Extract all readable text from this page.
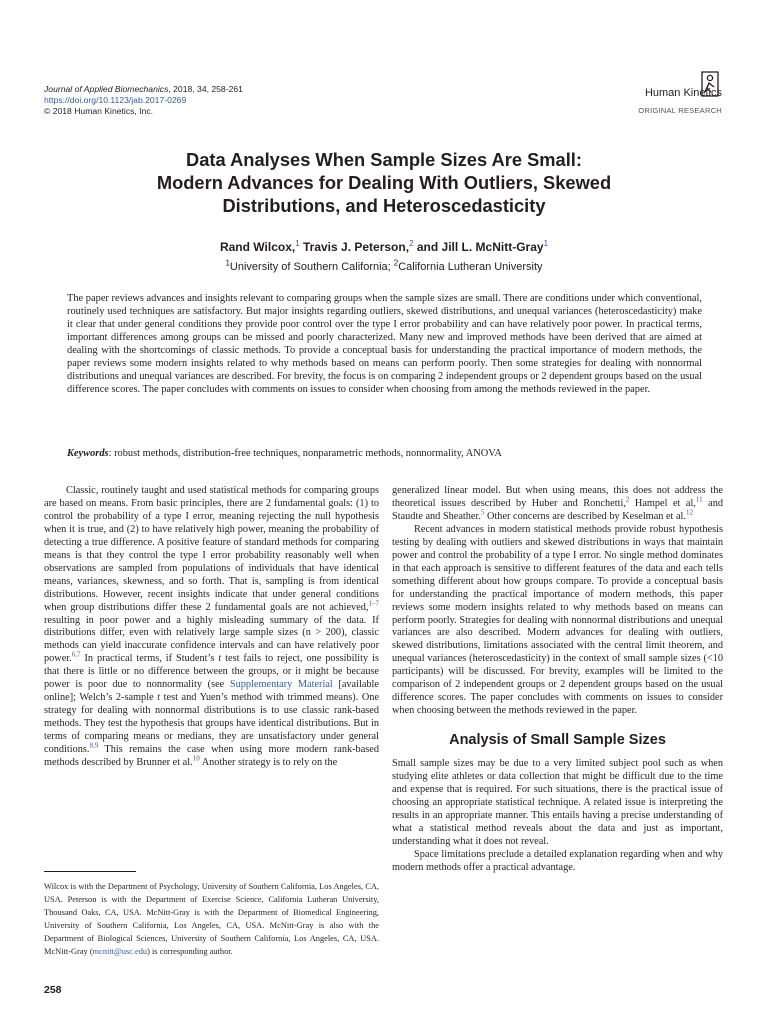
Journal of Applied Biomechanics, 2018, 34, 258-261
https://doi.org/10.1123/jab.2017-0269
© 2018 Human Kinetics, Inc.
Human Kinetics
ORIGINAL RESEARCH
Data Analyses When Sample Sizes Are Small:
Modern Advances for Dealing With Outliers, Skewed
Distributions, and Heteroscedasticity
Rand Wilcox,$^1$ Travis J. Peterson,$^2$ and Jill L. McNitt-Gray$^1$
$^1$University of Southern California; $^2$California Lutheran University
The paper reviews advances and insights relevant to comparing groups when the sample sizes are small. There are conditions under which conventional, routinely used techniques are satisfactory. But major insights regarding outliers, skewed distributions, and unequal variances (heteroscedasticity) make it clear that under general conditions they provide poor control over the type I error probability and can have relatively poor power. In practical terms, important differences among groups can be missed and poorly characterized. Many new and improved methods have been derived that are aimed at dealing with the shortcomings of classic methods. To provide a conceptual basis for understanding the practical importance of modern methods, the paper reviews some modern insights related to why methods based on means can perform poorly. Then some strategies for dealing with nonnormal distributions and unequal variances are described. For brevity, the focus is on comparing 2 independent groups or 2 dependent groups based on the usual difference scores. The paper concludes with comments on issues to consider when choosing from among the methods reviewed in the paper.
Keywords: robust methods, distribution-free techniques, nonparametric methods, nonnormality, ANOVA

Classic, routinely taught and used statistical methods for comparing groups are based on means. From basic principles, there are 2 fundamental goals: (1) to control the probability of a type I error, meaning rejecting the null hypothesis when it is true, and (2) to have relatively high power, meaning the probability of detecting a true difference. A positive feature of standard methods for comparing means is that they control the type I error probability reasonably well when observations are sampled from populations of individuals that have identical means, variances, skewness, and so forth. That is, sampling is from identical distributions. However, recent insights indicate that under general conditions when group distributions differ these 2 fundamental goals are not achieved,$^{1-7}$ resulting in poor power and a highly misleading summary of the data. If distributions differ, even with relatively large sample sizes (n > 200), classic methods can yield inaccurate confidence intervals and can have relatively poor power.$^{6,7}$ In practical terms, if Student’s t test fails to reject, one possibility is that there is little or no difference between the groups, or it might be because power is poor due to nonnormality (see Supplementary Material [available online]; Welch’s 2-sample t test and Yuen’s method with trimmed means). One strategy for dealing with nonnormal distributions is to use classic rank-based methods. They test the hypothesis that groups have identical distributions. But in terms of comparing means or medians, they are unsatisfactory under general conditions.$^{8,9}$ This remains the case when using more modern rank-based methods described by Brunner et al.$^{10}$ Another strategy is to rely on the

generalized linear model. But when using means, this does not address the theoretical issues described by Huber and Ronchetti,$^2$ Hampel et al,$^{11}$ and Staudte and Sheather.$^5$ Other concerns are described by Keselman et al.$^{12}$

Recent advances in modern statistical methods provide robust hypothesis testing by dealing with outliers and skewed distributions in ways that maintain power and control the probability of a type I error. No single method dominates in that each approach is sensitive to different features of the data and each tells something different about how groups compare. To provide a conceptual basis for understanding the practical importance of modern methods, this paper reviews some modern insights related to why methods based on means can perform poorly. Strategies for dealing with nonnormal distributions and unequal variances are also described. Modern advances for dealing with outliers, skewed distributions, limitations associated with the central limit theorem, and unequal variances (heteroscedasticity) in the context of small sample sizes (<10 participants) will be discussed. For brevity, examples will be limited to the comparison of 2 independent groups or 2 dependent groups based on the usual difference scores. The paper concludes with comments on issues to consider when choosing between the methods reviewed in the paper.

Analysis of Small Sample Sizes

Small sample sizes may be due to a very limited subject pool such as when studying elite athletes or data collection that might be difficult due to the time and expense that is required. For such situations, there is the practical issue of choosing an appropriate statistical technique. A related issue is interpreting the results in an appropriate manner. This entails having a precise understanding of what a statistical method reveals about the data and just as important, understanding what it does not reveal.

Space limitations preclude a detailed explanation regarding when and why modern methods offer a practical advantage.

Wilcox is with the Department of Psychology, University of Southern California, Los Angeles, CA, USA. Peterson is with the Department of Exercise Science, California Lutheran University, Thousand Oaks, CA, USA. McNitt-Gray is with the Department of Biomedical Engineering, University of Southern California, Los Angeles, CA, USA. McNitt-Gray is also with the Department of Biological Sciences, University of Southern California, Los Angeles, CA, USA. McNitt-Gray (mcnitt@usc.edu) is corresponding author.
258
